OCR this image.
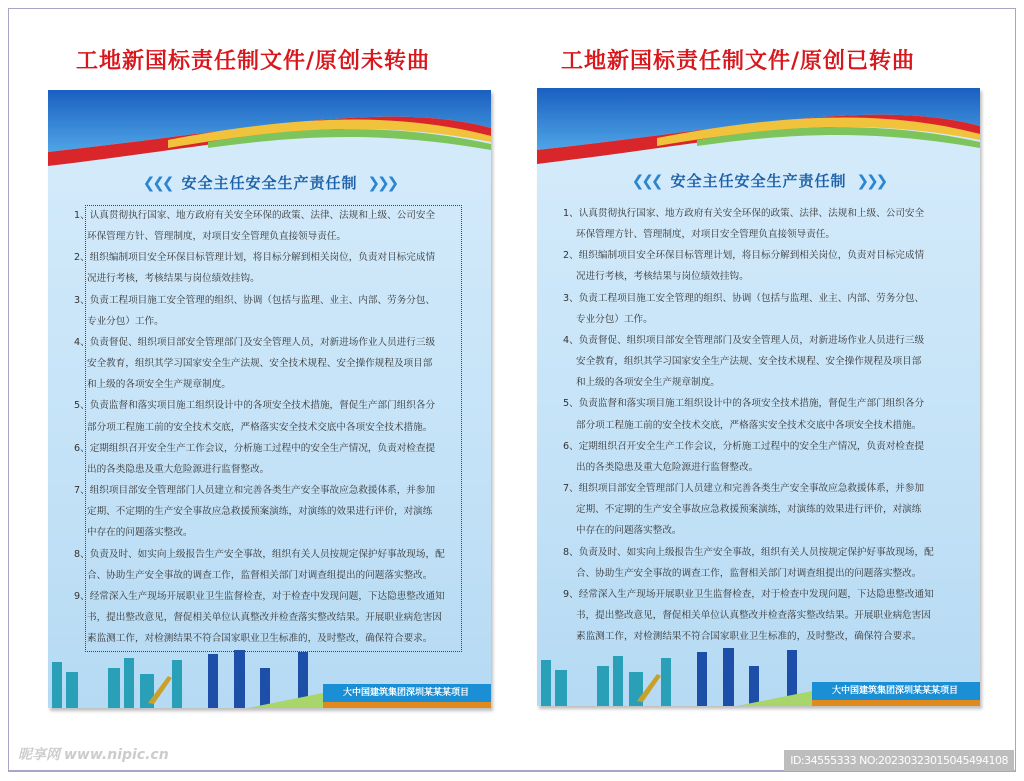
工地新国标责任制文件/原创未转曲	工地新国标责任制文件/原创已转曲
❮❮❮ 安全主任安全生产责任制 ❯❯❯
1、认真贯彻执行国家、地方政府有关安全环保的政策、法律、法规和上级、公司安全
环保管理方针、管理制度，对项目安全管理负直接领导责任。
2、组织编制项目安全环保目标管理计划，将目标分解到相关岗位，负责对目标完成情
况进行考核，考核结果与岗位绩效挂钩。
3、负责工程项目施工安全管理的组织、协调（包括与监理、业主、内部、劳务分包、
专业分包）工作。
4、负责督促、组织项目部安全管理部门及安全管理人员，对新进场作业人员进行三级
安全教育，组织其学习国家安全生产法规、安全技术规程、安全操作规程及项目部
和上级的各项安全生产规章制度。
5、负责监督和落实项目施工组织设计中的各项安全技术措施，督促生产部门组织各分
部分项工程施工前的安全技术交底，严格落实安全技术交底中各项安全技术措施。
6、定期组织召开安全生产工作会议，分析施工过程中的安全生产情况，负责对检查提
出的各类隐患及重大危险源进行监督整改。
7、组织项目部安全管理部门人员建立和完善各类生产安全事故应急救援体系，并参加
定期、不定期的生产安全事故应急救援预案演练，对演练的效果进行评价，对演练
中存在的问题落实整改。
8、负责及时、如实向上级报告生产安全事故，组织有关人员按规定保护好事故现场，配
合、协助生产安全事故的调查工作，监督相关部门对调查组提出的问题落实整改。
9、经常深入生产现场开展职业卫生监督检查，对于检查中发现问题，下达隐患整改通知
书，提出整改意见，督促相关单位认真整改并检查落实整改结果。开展职业病危害因
素监测工作，对检测结果不符合国家职业卫生标准的，及时整改，确保符合要求。
大中国建筑集团深圳某某某项目
❮❮❮ 安全主任安全生产责任制 ❯❯❯
1、认真贯彻执行国家、地方政府有关安全环保的政策、法律、法规和上级、公司安全
环保管理方针、管理制度，对项目安全管理负直接领导责任。
2、组织编制项目安全环保目标管理计划，将目标分解到相关岗位，负责对目标完成情
况进行考核，考核结果与岗位绩效挂钩。
3、负责工程项目施工安全管理的组织、协调（包括与监理、业主、内部、劳务分包、
专业分包）工作。
4、负责督促、组织项目部安全管理部门及安全管理人员，对新进场作业人员进行三级
安全教育，组织其学习国家安全生产法规、安全技术规程、安全操作规程及项目部
和上级的各项安全生产规章制度。
5、负责监督和落实项目施工组织设计中的各项安全技术措施，督促生产部门组织各分
部分项工程施工前的安全技术交底，严格落实安全技术交底中各项安全技术措施。
6、定期组织召开安全生产工作会议，分析施工过程中的安全生产情况，负责对检查提
出的各类隐患及重大危险源进行监督整改。
7、组织项目部安全管理部门人员建立和完善各类生产安全事故应急救援体系，并参加
定期、不定期的生产安全事故应急救援预案演练，对演练的效果进行评价，对演练
中存在的问题落实整改。
8、负责及时、如实向上级报告生产安全事故，组织有关人员按规定保护好事故现场，配
合、协助生产安全事故的调查工作，监督相关部门对调查组提出的问题落实整改。
9、经常深入生产现场开展职业卫生监督检查，对于检查中发现问题，下达隐患整改通知
书，提出整改意见，督促相关单位认真整改并检查落实整改结果。开展职业病危害因
素监测工作，对检测结果不符合国家职业卫生标准的，及时整改，确保符合要求。
大中国建筑集团深圳某某某项目
昵享网 www.nipic.cn	ID:34555333 NO:20230323015045494108
